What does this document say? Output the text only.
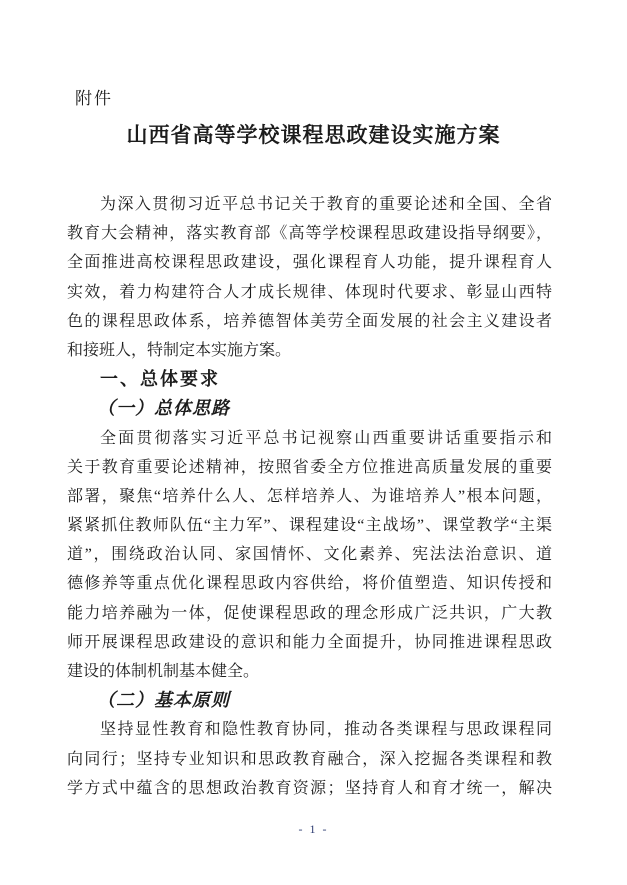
附件
山西省高等学校课程思政建设实施方案
为深入贯彻习近平总书记关于教育的重要论述和全国、全省
教育大会精神，落实教育部《高等学校课程思政建设指导纲要》，
全面推进高校课程思政建设，强化课程育人功能，提升课程育人
实效，着力构建符合人才成长规律、体现时代要求、彰显山西特
色的课程思政体系，培养德智体美劳全面发展的社会主义建设者
和接班人，特制定本实施方案。
一、总体要求
（一）总体思路
全面贯彻落实习近平总书记视察山西重要讲话重要指示和
关于教育重要论述精神，按照省委全方位推进高质量发展的重要
部署，聚焦“培养什么人、怎样培养人、为谁培养人”根本问题，
紧紧抓住教师队伍“主力军”、课程建设“主战场”、课堂教学“主渠
道”，围绕政治认同、家国情怀、文化素养、宪法法治意识、道
德修养等重点优化课程思政内容供给，将价值塑造、知识传授和
能力培养融为一体，促使课程思政的理念形成广泛共识，广大教
师开展课程思政建设的意识和能力全面提升，协同推进课程思政
建设的体制机制基本健全。
（二）基本原则
坚持显性教育和隐性教育协同，推动各类课程与思政课程同
向同行；坚持专业知识和思政教育融合，深入挖掘各类课程和教
学方式中蕴含的思想政治教育资源；坚持育人和育才统一，解决
- 1 -
